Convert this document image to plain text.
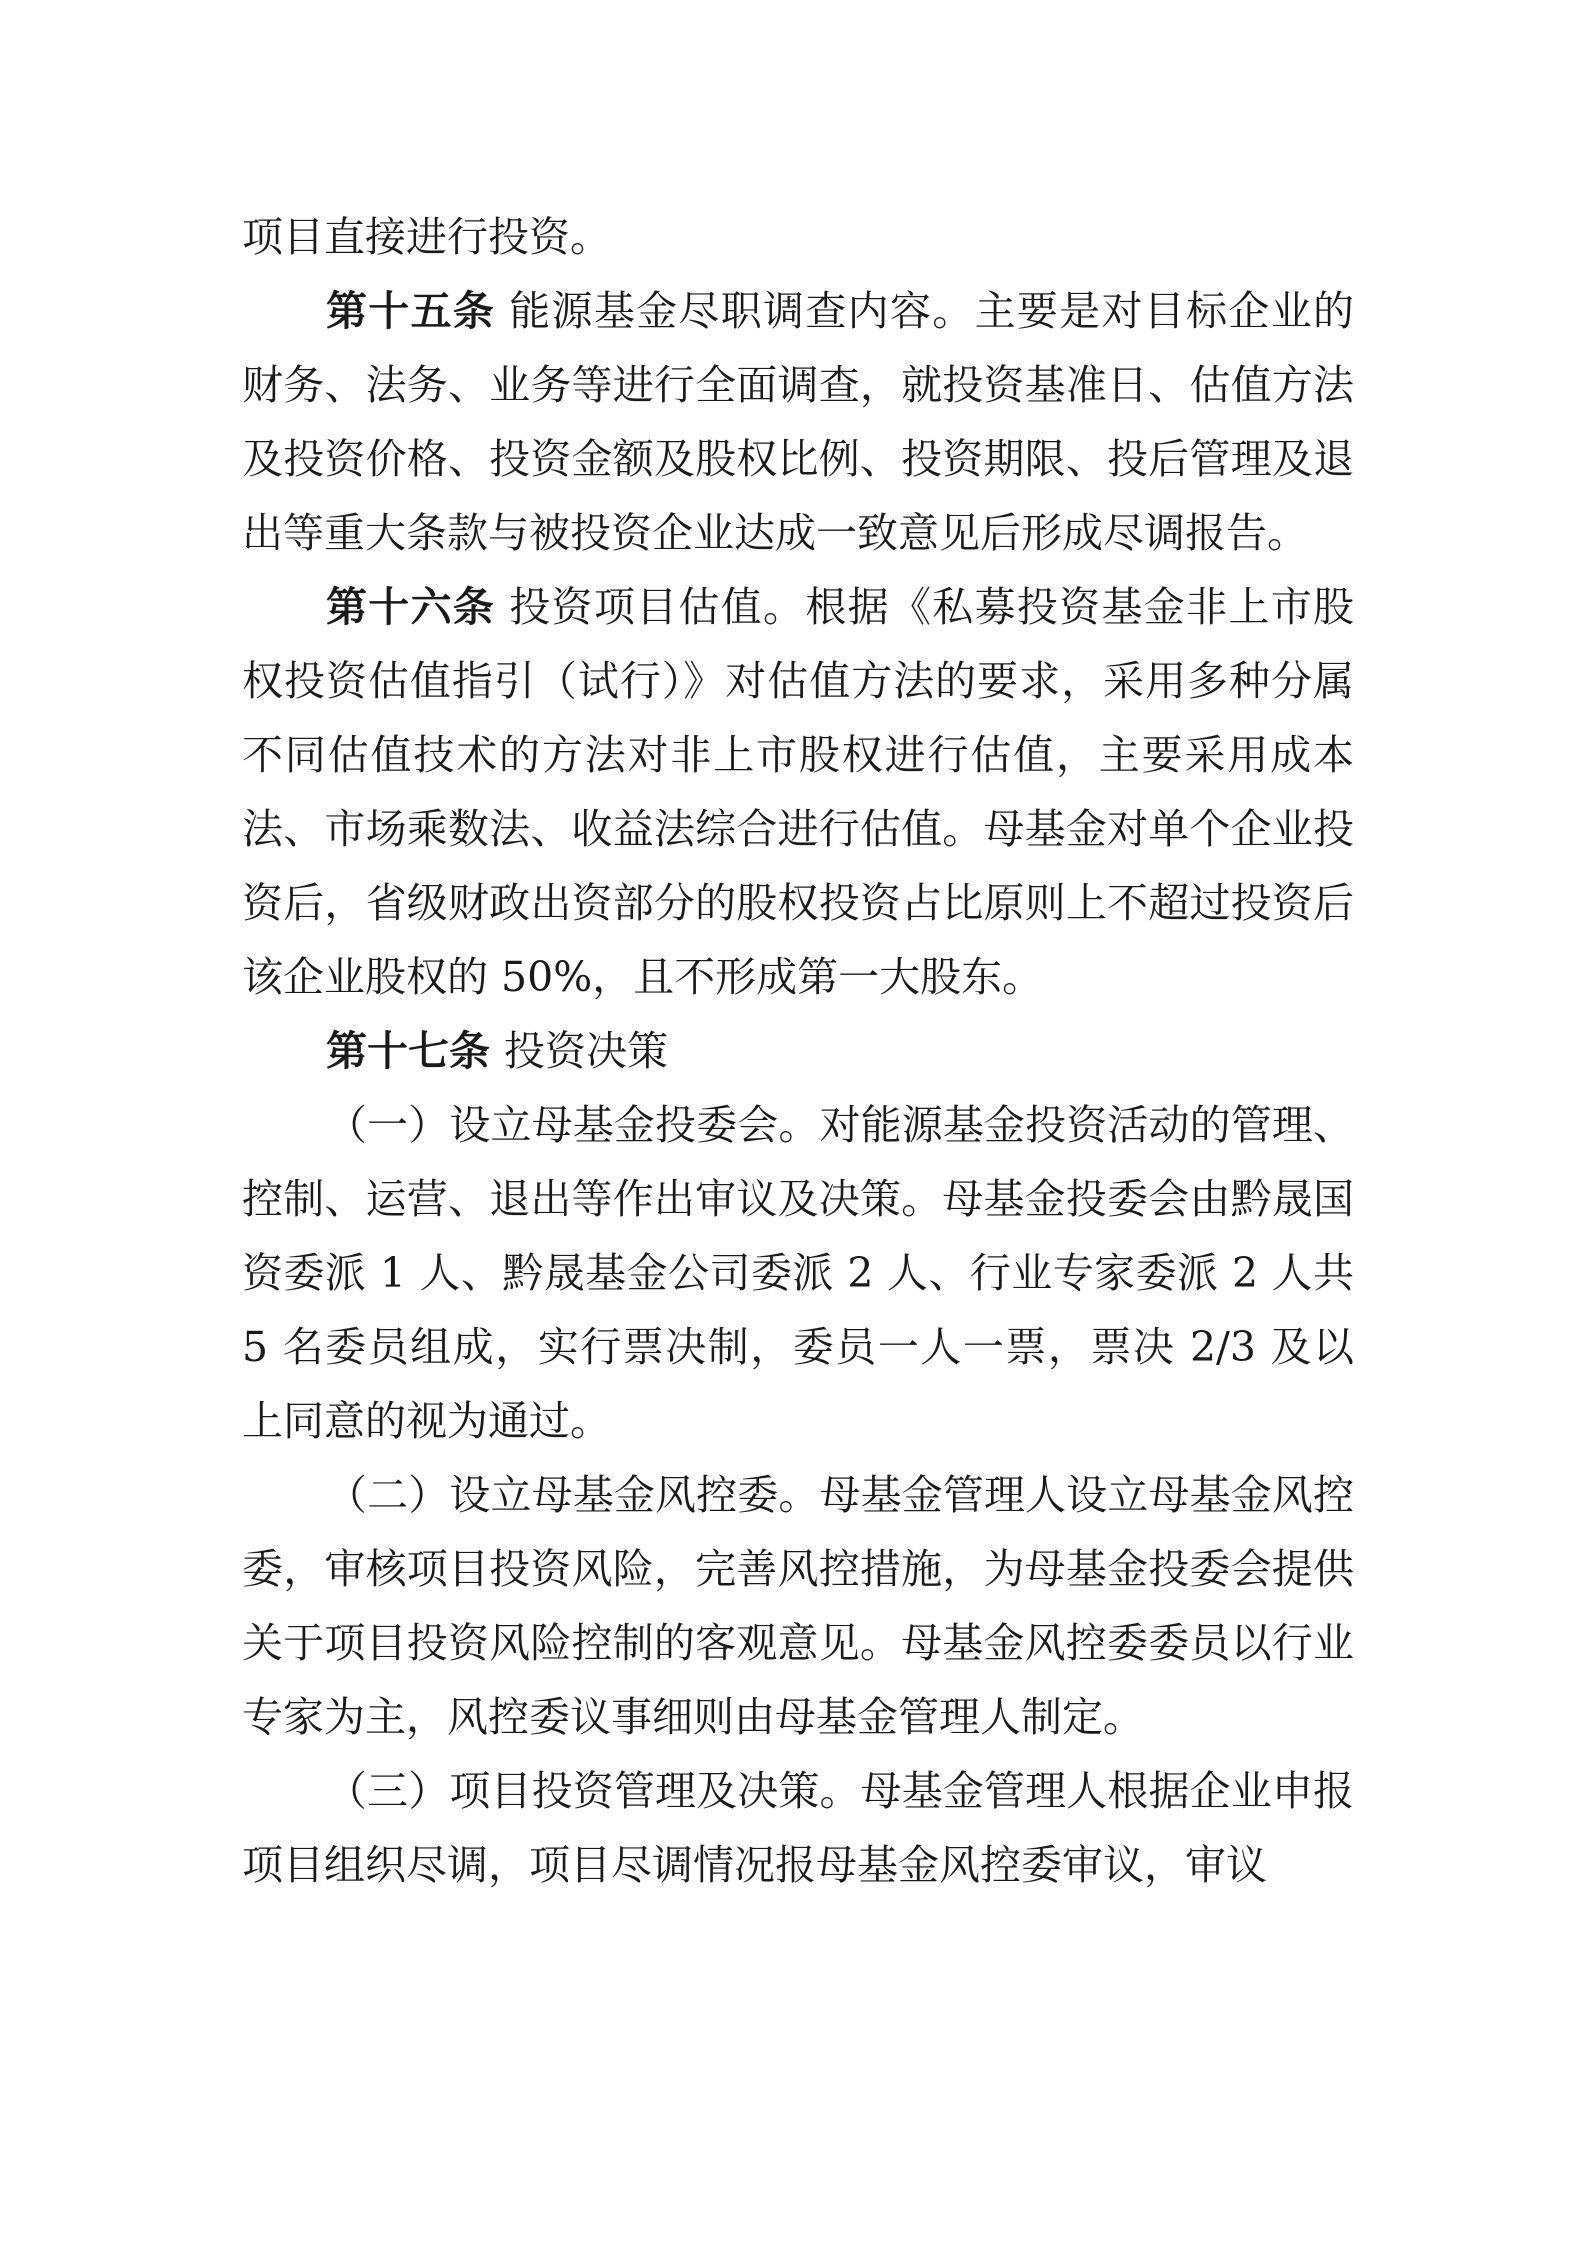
项目直接进行投资。

第十五条 能源基金尽职调查内容。主要是对目标企业的财务、法务、业务等进行全面调查，就投资基准日、估值方法及投资价格、投资金额及股权比例、投资期限、投后管理及退出等重大条款与被投资企业达成一致意见后形成尽调报告。

第十六条 投资项目估值。根据《私募投资基金非上市股权投资估值指引（试行）》对估值方法的要求，采用多种分属不同估值技术的方法对非上市股权进行估值，主要采用成本法、市场乘数法、收益法综合进行估值。母基金对单个企业投资后，省级财政出资部分的股权投资占比原则上不超过投资后该企业股权的 50%，且不形成第一大股东。

第十七条 投资决策

（一）设立母基金投委会。对能源基金投资活动的管理、控制、运营、退出等作出审议及决策。母基金投委会由黔晟国资委派 1 人、黔晟基金公司委派 2 人、行业专家委派 2 人共 5 名委员组成，实行票决制，委员一人一票，票决 2/3 及以上同意的视为通过。

（二）设立母基金风控委。母基金管理人设立母基金风控委，审核项目投资风险，完善风控措施，为母基金投委会提供关于项目投资风险控制的客观意见。母基金风控委委员以行业专家为主，风控委议事细则由母基金管理人制定。

（三）项目投资管理及决策。母基金管理人根据企业申报项目组织尽调，项目尽调情况报母基金风控委审议，审议
